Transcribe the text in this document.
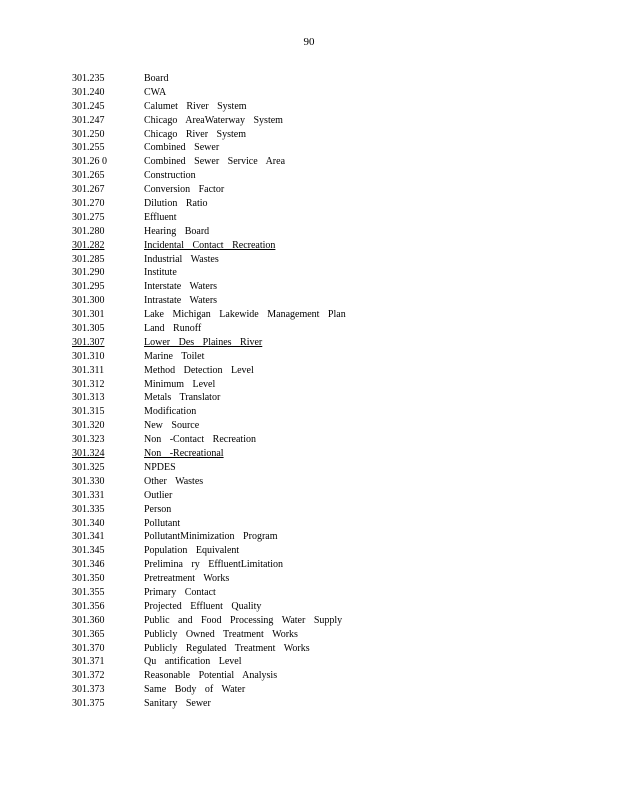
90
301.235	Board
301.240	CWA
301.245	Calumet River System
301.247	Chicago AreaWaterway System
301.250	Chicago River System
301.255	Combined Sewer
301.26 0	Combined Sewer Service Area
301.265	Construction
301.267	Conversion Factor
301.270	Dilution Ratio
301.275	Effluent
301.280	Hearing Board
301.282	Incidental Contact Recreation
301.285	Industrial Wastes
301.290	Institute
301.295	Interstate Waters
301.300	Intrastate Waters
301.301	Lake Michigan Lakewide Management Plan
301.305	Land Runoff
301.307	Lower Des Plaines River
301.310	Marine Toilet
301.311	Method Detection Level
301.312	Minimum Level
301.313	Metals Translator
301.315	Modification
301.320	New Source
301.323	Non -Contact Recreation
301.324	Non -Recreational
301.325	NPDES
301.330	Other Wastes
301.331	Outlier
301.335	Person
301.340	Pollutant
301.341	PollutantMinimization Program
301.345	Population Equivalent
301.346	Prelimina ry EffluentLimitation
301.350	Pretreatment Works
301.355	Primary Contact
301.356	Projected Effluent Quality
301.360	Public and Food Processing Water Supply
301.365	Publicly Owned Treatment Works
301.370	Publicly Regulated Treatment Works
301.371	Qu antification Level
301.372	Reasonable Potential Analysis
301.373	Same Body of Water
301.375	Sanitary Sewer
